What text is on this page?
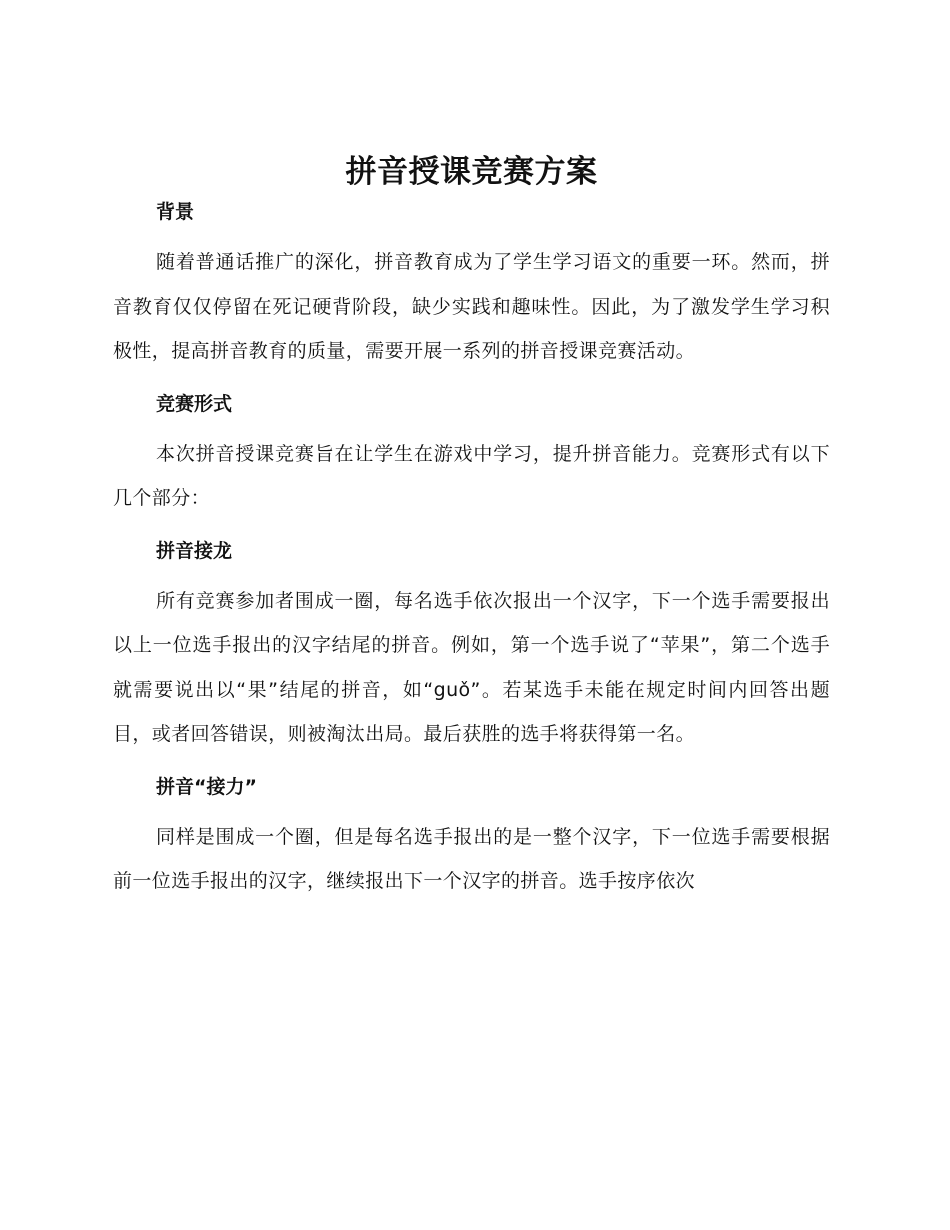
拼音授课竞赛方案
背景

随着普通话推广的深化，拼音教育成为了学生学习语文的重要一环。然而，拼音教育仅仅停留在死记硬背阶段，缺少实践和趣味性。因此，为了激发学生学习积极性，提高拼音教育的质量，需要开展一系列的拼音授课竞赛活动。

竞赛形式

本次拼音授课竞赛旨在让学生在游戏中学习，提升拼音能力。竞赛形式有以下几个部分：

拼音接龙

所有竞赛参加者围成一圈，每名选手依次报出一个汉字，下一个选手需要报出以上一位选手报出的汉字结尾的拼音。例如，第一个选手说了“苹果”，第二个选手就需要说出以“果”结尾的拼音，如“guǒ”。若某选手未能在规定时间内回答出题目，或者回答错误，则被淘汰出局。最后获胜的选手将获得第一名。

拼音“接力”

同样是围成一个圈，但是每名选手报出的是一整个汉字，下一位选手需要根据前一位选手报出的汉字，继续报出下一个汉字的拼音。选手按序依次
